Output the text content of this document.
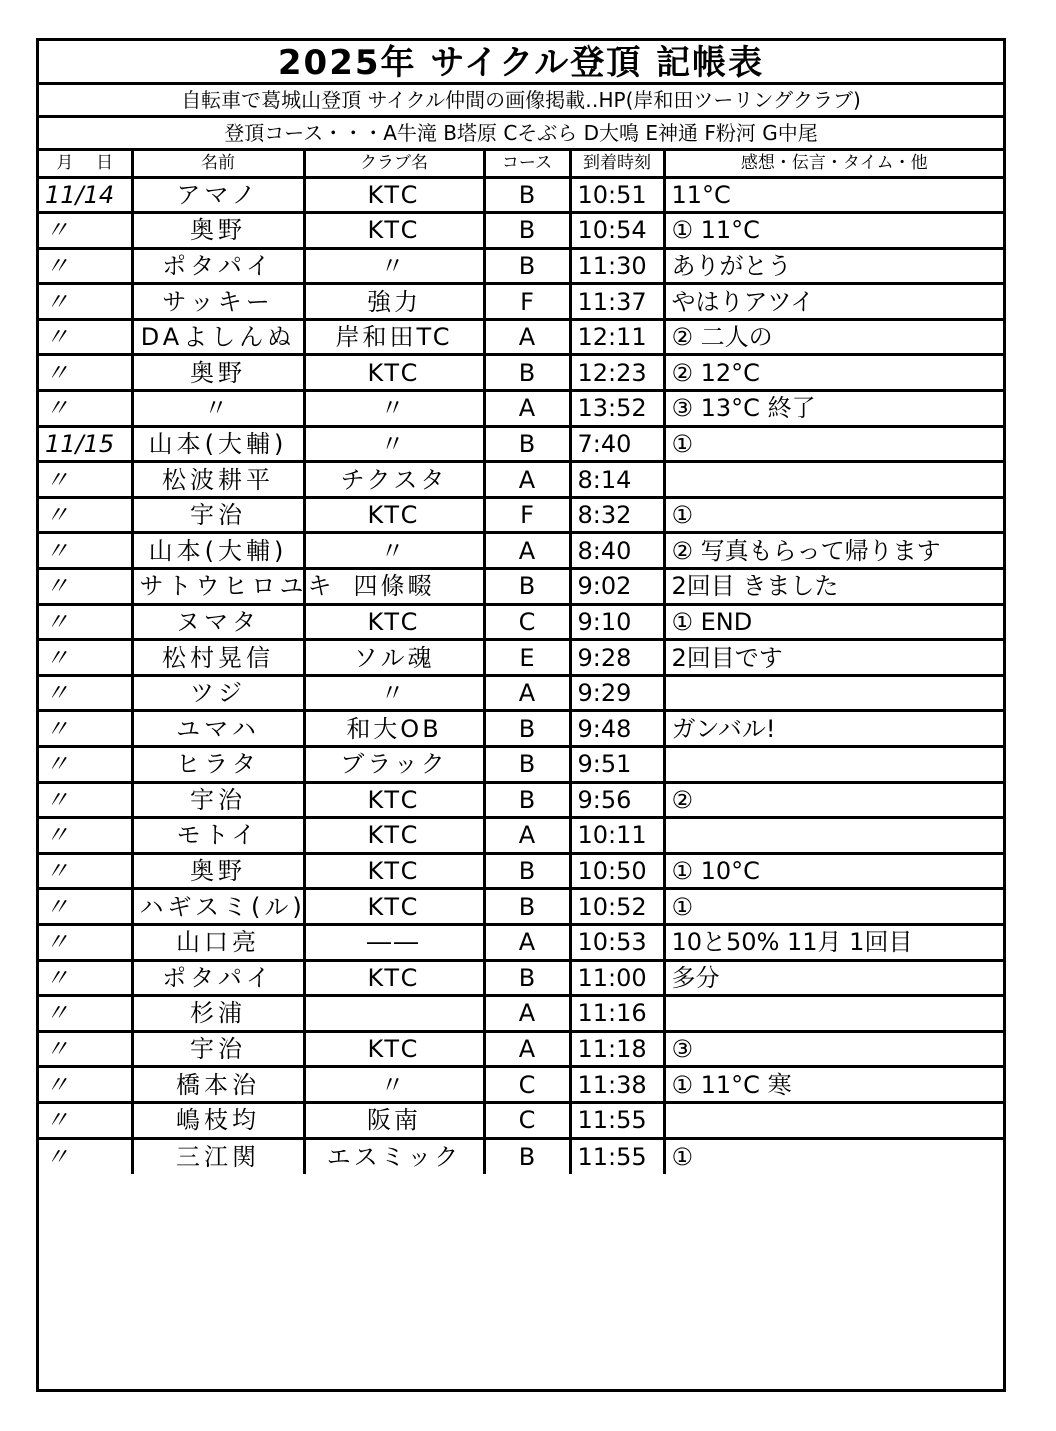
2025年 サイクル登頂 記帳表
自転車で葛城山登頂 サイクル仲間の画像掲載‥HP(岸和田ツーリングクラブ)
登頂コース・・・A牛滝 B塔原 Cそぶら D大鳴 E神通 F粉河 G中尾
月 日	名前	クラブ名	コース	到着時刻	感想・伝言・タイム・他
11/14	アマノ	KTC	B	10:51	11°C
〃	奥野	KTC	B	10:54	① 11°C
〃	ポタパイ	〃	B	11:30	ありがとう
〃	サッキー	強力	F	11:37	やはりアツイ
〃	DAよしんぬ	岸和田TC	A	12:11	② 二人の
〃	奥野	KTC	B	12:23	② 12°C
〃	〃	〃	A	13:52	③ 13°C 終了
11/15	山本(大輔)	〃	B	7:40	①
〃	松波耕平	チクスタ	A	8:14	
〃	宇治	KTC	F	8:32	①
〃	山本(大輔)	〃	A	8:40	② 写真もらって帰ります
〃	サトウヒロユキ	四條畷	B	9:02	2回目 きました
〃	ヌマタ	KTC	C	9:10	① END
〃	松村晃信	ソル魂	E	9:28	2回目です
〃	ツジ	〃	A	9:29	
〃	ユマハ	和大OB	B	9:48	ガンバル!
〃	ヒラタ	ブラック	B	9:51	
〃	宇治	KTC	B	9:56	②
〃	モトイ	KTC	A	10:11	
〃	奥野	KTC	B	10:50	① 10°C
〃	ハギスミ(ル)	KTC	B	10:52	①
〃	山口亮	――	A	10:53	10と50% 11月 1回目
〃	ポタパイ	KTC	B	11:00	多分
〃	杉浦		A	11:16	
〃	宇治	KTC	A	11:18	③
〃	橋本治	〃	C	11:38	① 11°C 寒
〃	嶋枝均	阪南	C	11:55	
〃	三江関	エスミック	B	11:55	①
